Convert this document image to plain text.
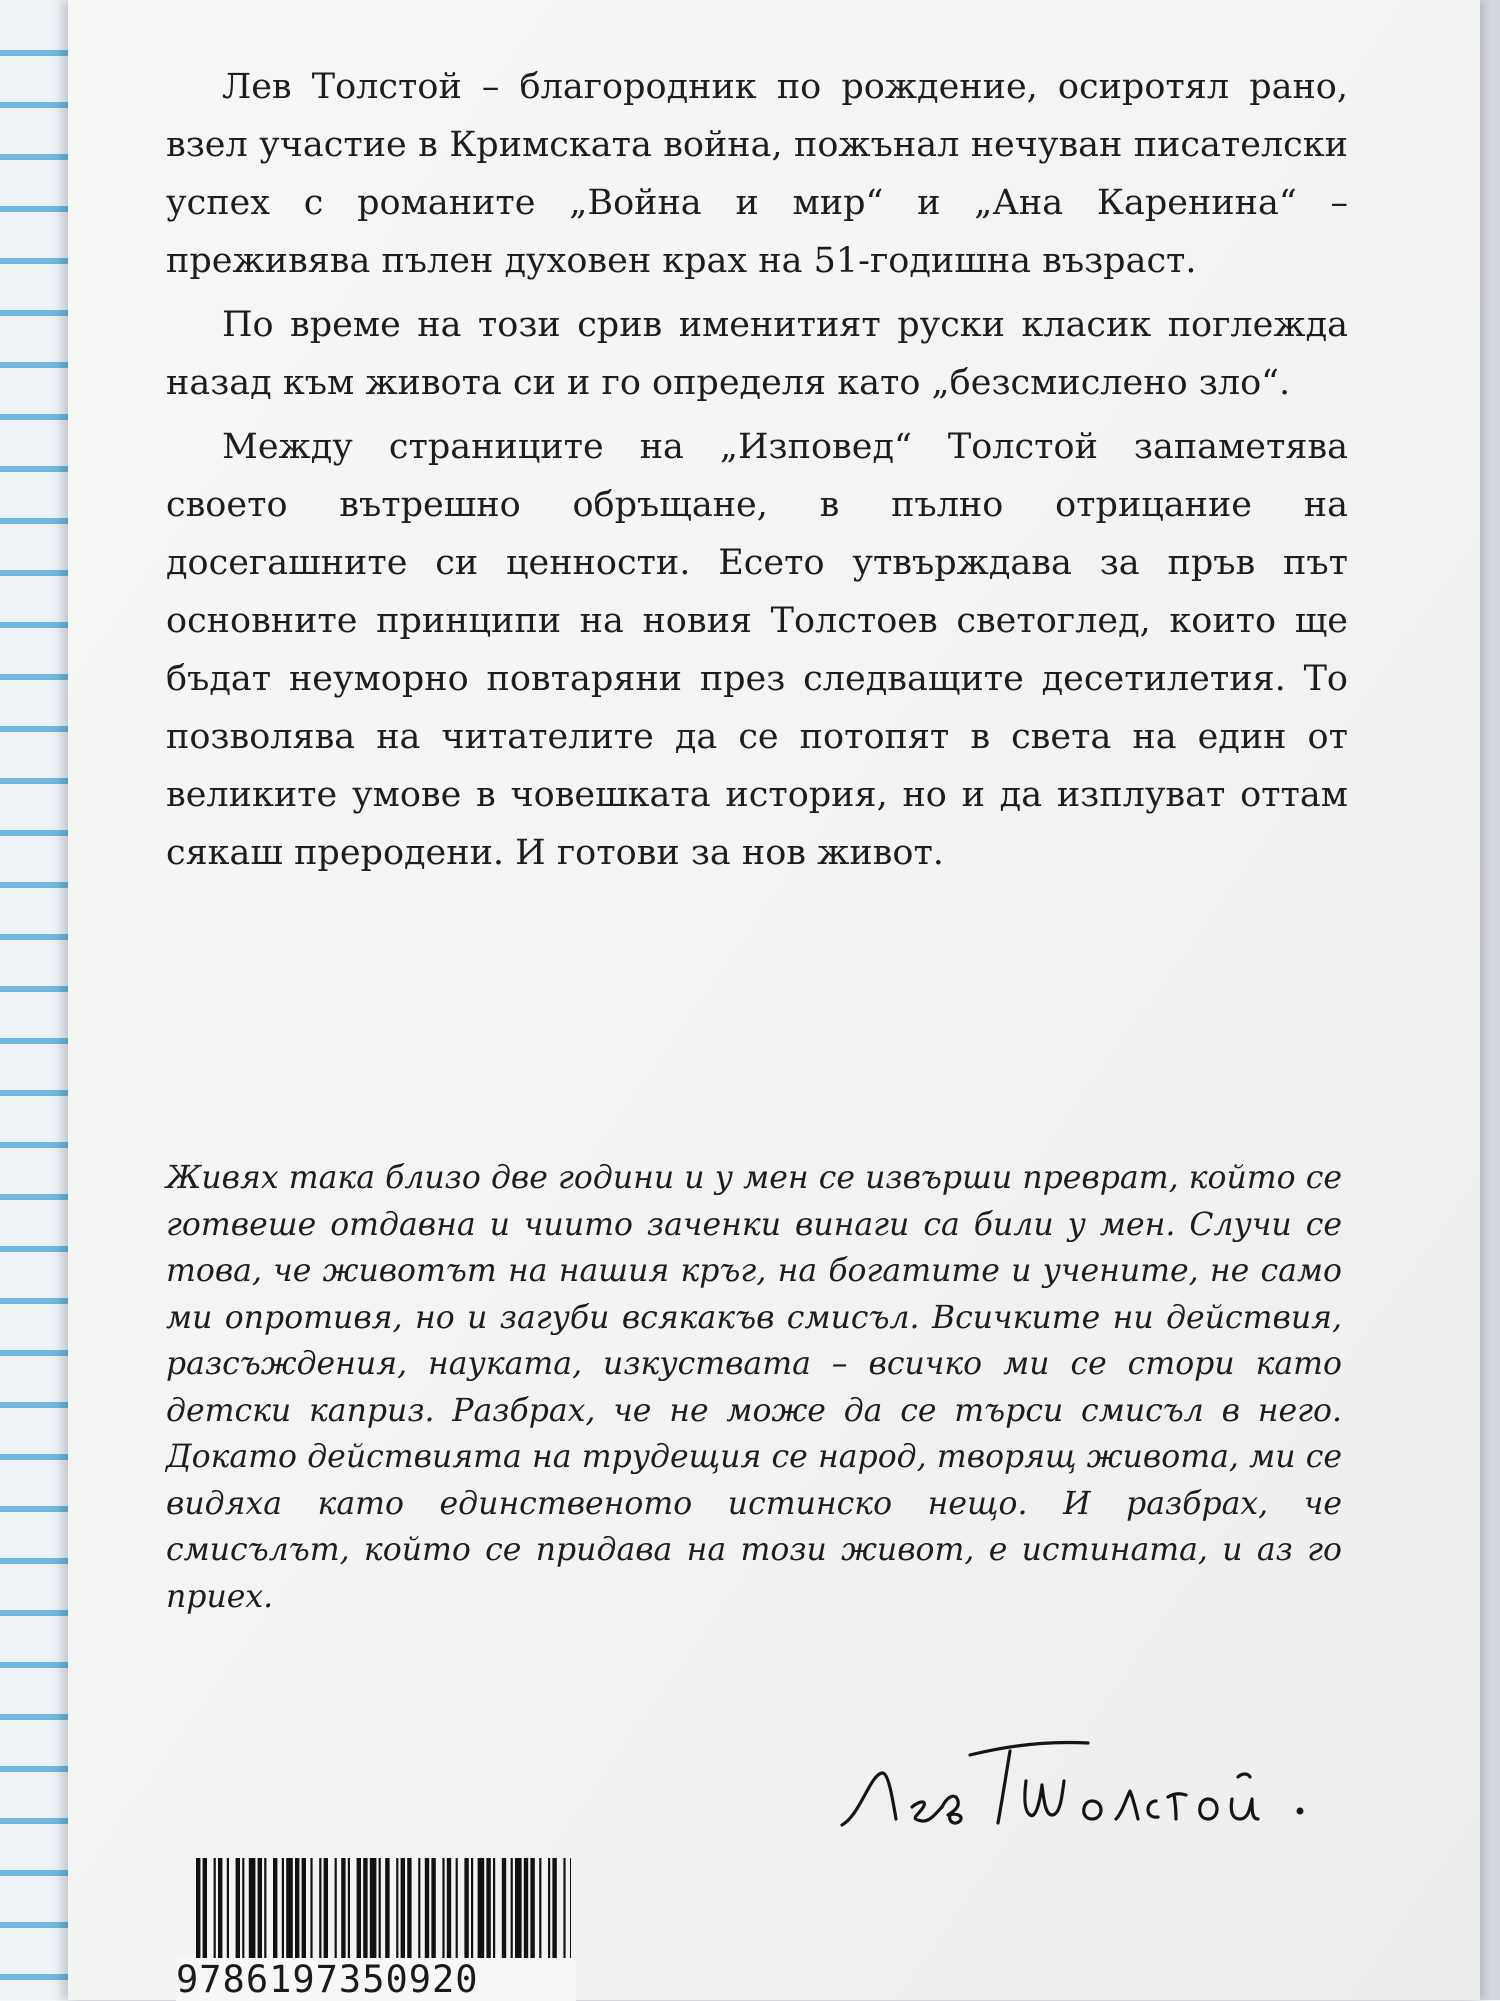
Лев Толстой – благородник по рождение, осиротял рано, взел участие в Кримската война, пожънал нечуван писателски успех с романите „Война и мир“ и „Ана Каренина“ – преживява пълен духовен крах на 51-годишна възраст.

По време на този срив именитият руски класик поглежда назад към живота си и го определя като „безсмислено зло“.

Между страниците на „Изповед“ Толстой запаметява своето вътрешно обръщане, в пълно отрицание на досегашните си ценности. Есето утвърждава за пръв път основните принципи на новия Толстоев светоглед, които ще бъдат неуморно повтаряни през следващите десетилетия. То позволява на читателите да се потопят в света на един от великите умове в човешката история, но и да изплуват оттам сякаш преродени. И готови за нов живот.

Живях така близо две години и у мен се извърши преврат, който се готвеше отдавна и чиито заченки винаги са били у мен. Случи се това, че животът на нашия кръг, на богатите и учените, не само ми опротивя, но и загуби всякакъв смисъл. Всичките ни действия, разсъждения, науката, изкуствата – всичко ми се стори като детски каприз. Разбрах, че не може да се търси смисъл в него. Докато действията на трудещия се народ, творящ живота, ми се видяха като единственото истинско нещо. И разбрах, че смисълът, който се придава на този живот, е истината, и аз го приех.

9786197350920
